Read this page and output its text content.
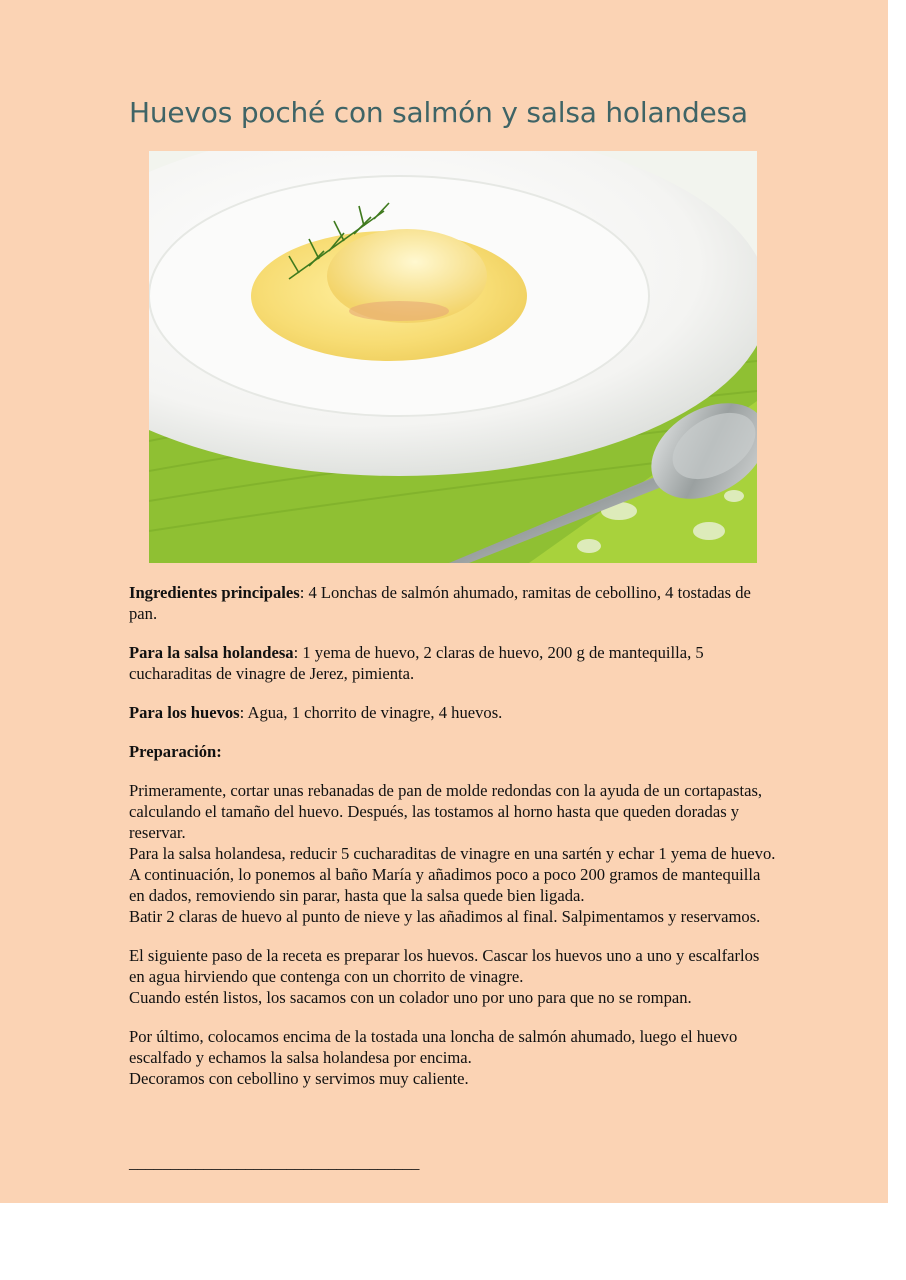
Huevos poché con salmón y salsa holandesa

Ingredientes principales: 4 Lonchas de salmón ahumado, ramitas de cebollino, 4 tostadas de pan.

Para la salsa holandesa: 1 yema de huevo, 2 claras de huevo, 200 g de mantequilla, 5 cucharaditas de vinagre de Jerez, pimienta.

Para los huevos: Agua, 1 chorrito de vinagre, 4 huevos.

Preparación:

Primeramente, cortar unas rebanadas de pan de molde redondas con la ayuda de un cortapastas, calculando el tamaño del huevo. Después, las tostamos al horno hasta que queden doradas y reservar.
Para la salsa holandesa, reducir 5 cucharaditas de vinagre en una sartén y echar 1 yema de huevo. A continuación, lo ponemos al baño María y añadimos poco a poco 200 gramos de mantequilla en dados, removiendo sin parar, hasta que la salsa quede bien ligada.
Batir 2 claras de huevo al punto de nieve y las añadimos al final. Salpimentamos y reservamos.

El siguiente paso de la receta es preparar los huevos. Cascar los huevos uno a uno y escalfarlos en agua hirviendo que contenga con un chorrito de vinagre.
Cuando estén listos, los sacamos con un colador uno por uno para que no se rompan.

Por último, colocamos encima de la tostada una loncha de salmón ahumado, luego el huevo escalfado y echamos la salsa holandesa por encima.
Decoramos con cebollino y servimos muy caliente.

___________________________________
